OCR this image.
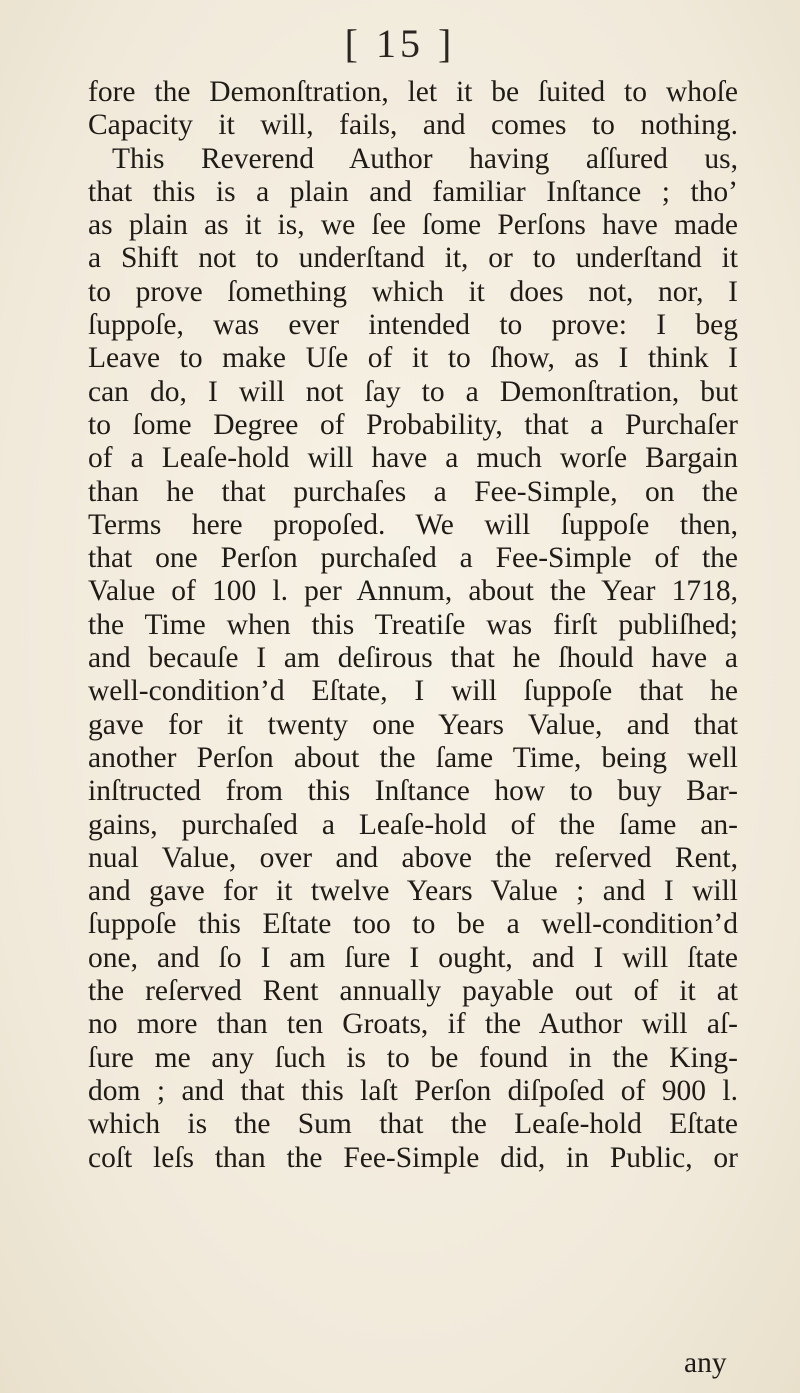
[ 15 ]
fore the Demonſtration, let it be ſuited to whoſe
Capacity it will, fails, and comes to nothing.
This Reverend Author having aſſured us,
that this is a plain and familiar Inſtance ; tho’
as plain as it is, we ſee ſome Perſons have made
a Shift not to underſtand it, or to underſtand it
to prove ſomething which it does not, nor, I
ſuppoſe, was ever intended to prove: I beg
Leave to make Uſe of it to ſhow, as I think I
can do, I will not ſay to a Demonſtration, but
to ſome Degree of Probability, that a Purchaſer
of a Leaſe-hold will have a much worſe Bargain
than he that purchaſes a Fee-Simple, on the
Terms here propoſed. We will ſuppoſe then,
that one Perſon purchaſed a Fee-Simple of the
Value of 100 l. per Annum, about the Year 1718,
the Time when this Treatiſe was firſt publiſhed;
and becauſe I am deſirous that he ſhould have a
well-condition’d Eſtate, I will ſuppoſe that he
gave for it twenty one Years Value, and that
another Perſon about the ſame Time, being well
inſtructed from this Inſtance how to buy Bar-
gains, purchaſed a Leaſe-hold of the ſame an-
nual Value, over and above the reſerved Rent,
and gave for it twelve Years Value ; and I will
ſuppoſe this Eſtate too to be a well-condition’d
one, and ſo I am ſure I ought, and I will ſtate
the reſerved Rent annually payable out of it at
no more than ten Groats, if the Author will aſ-
ſure me any ſuch is to be found in the King-
dom ; and that this laſt Perſon diſpoſed of 900 l.
which is the Sum that the Leaſe-hold Eſtate
coſt leſs than the Fee-Simple did, in Public, or
any
